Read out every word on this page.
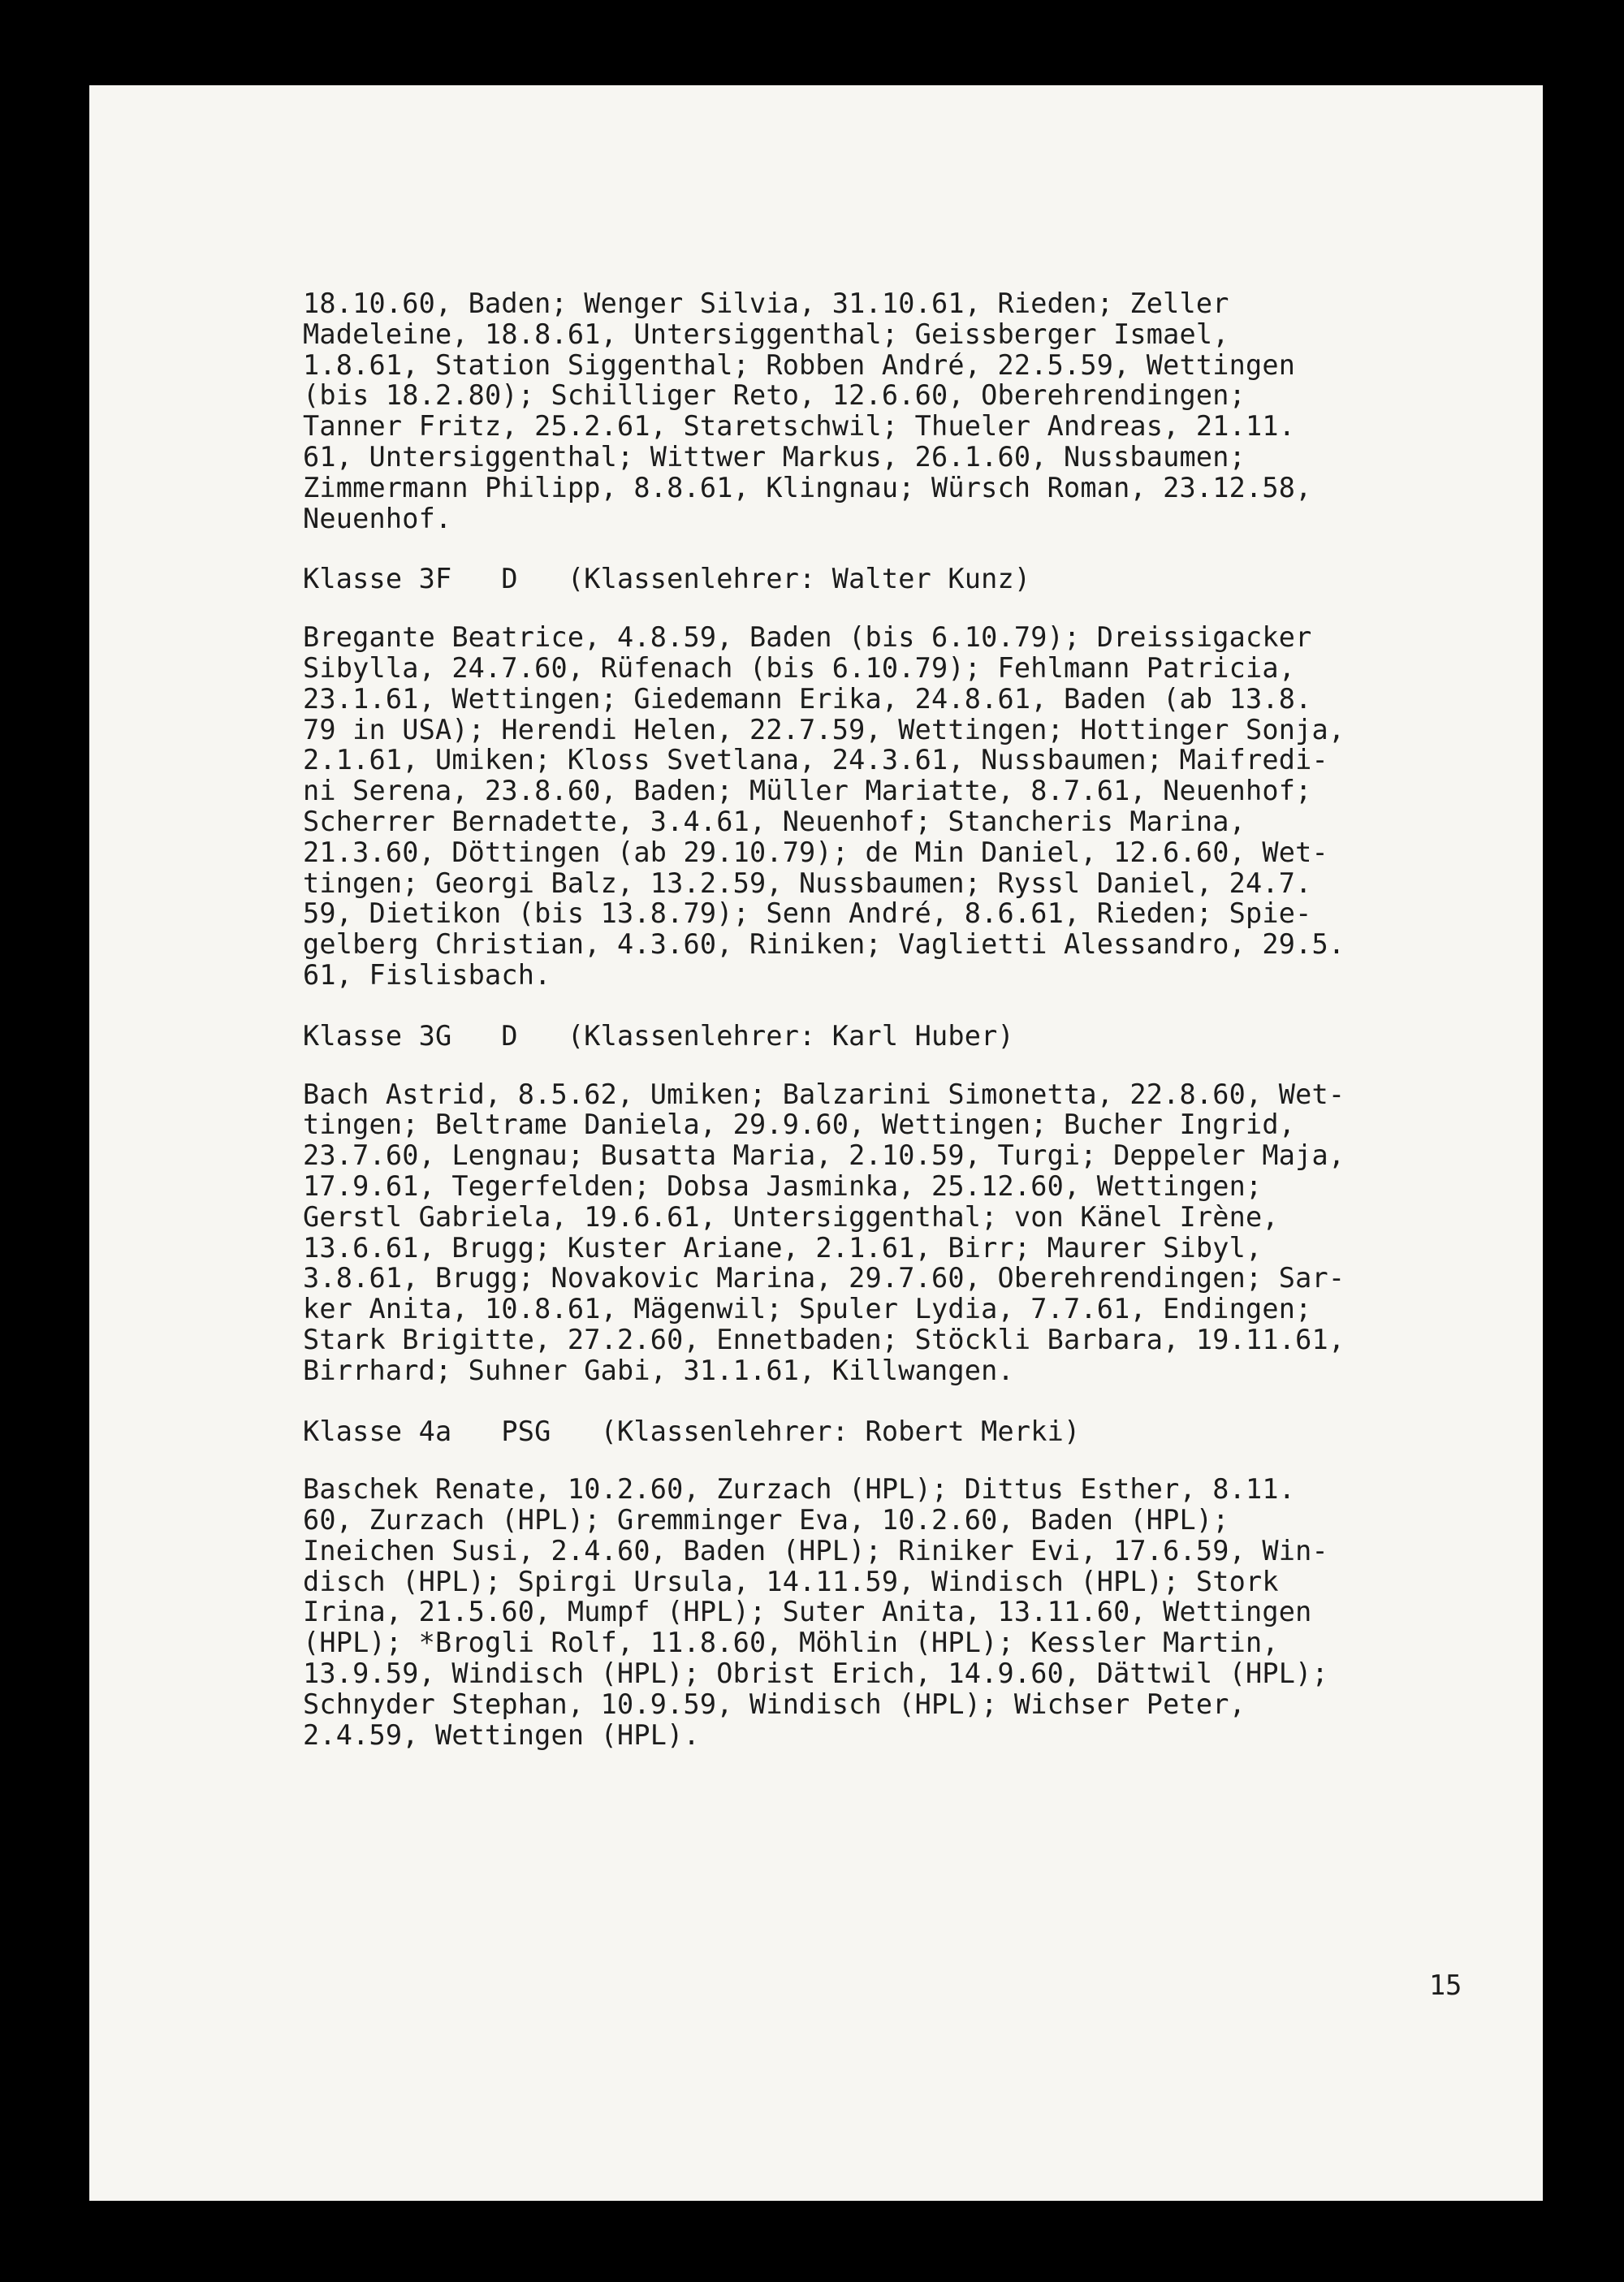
18.10.60, Baden; Wenger Silvia, 31.10.61, Rieden; Zeller
Madeleine, 18.8.61, Untersiggenthal; Geissberger Ismael,
1.8.61, Station Siggenthal; Robben André, 22.5.59, Wettingen
(bis 18.2.80); Schilliger Reto, 12.6.60, Oberehrendingen;
Tanner Fritz, 25.2.61, Staretschwil; Thueler Andreas, 21.11.
61, Untersiggenthal; Wittwer Markus, 26.1.60, Nussbaumen;
Zimmermann Philipp, 8.8.61, Klingnau; Würsch Roman, 23.12.58,
Neuenhof.
Klasse 3F   D   (Klassenlehrer: Walter Kunz)
Bregante Beatrice, 4.8.59, Baden (bis 6.10.79); Dreissigacker
Sibylla, 24.7.60, Rüfenach (bis 6.10.79); Fehlmann Patricia,
23.1.61, Wettingen; Giedemann Erika, 24.8.61, Baden (ab 13.8.
79 in USA); Herendi Helen, 22.7.59, Wettingen; Hottinger Sonja,
2.1.61, Umiken; Kloss Svetlana, 24.3.61, Nussbaumen; Maifredi-
ni Serena, 23.8.60, Baden; Müller Mariatte, 8.7.61, Neuenhof;
Scherrer Bernadette, 3.4.61, Neuenhof; Stancheris Marina,
21.3.60, Döttingen (ab 29.10.79); de Min Daniel, 12.6.60, Wet-
tingen; Georgi Balz, 13.2.59, Nussbaumen; Ryssl Daniel, 24.7.
59, Dietikon (bis 13.8.79); Senn André, 8.6.61, Rieden; Spie-
gelberg Christian, 4.3.60, Riniken; Vaglietti Alessandro, 29.5.
61, Fislisbach.
Klasse 3G   D   (Klassenlehrer: Karl Huber)
Bach Astrid, 8.5.62, Umiken; Balzarini Simonetta, 22.8.60, Wet-
tingen; Beltrame Daniela, 29.9.60, Wettingen; Bucher Ingrid,
23.7.60, Lengnau; Busatta Maria, 2.10.59, Turgi; Deppeler Maja,
17.9.61, Tegerfelden; Dobsa Jasminka, 25.12.60, Wettingen;
Gerstl Gabriela, 19.6.61, Untersiggenthal; von Känel Irène,
13.6.61, Brugg; Kuster Ariane, 2.1.61, Birr; Maurer Sibyl,
3.8.61, Brugg; Novakovic Marina, 29.7.60, Oberehrendingen; Sar-
ker Anita, 10.8.61, Mägenwil; Spuler Lydia, 7.7.61, Endingen;
Stark Brigitte, 27.2.60, Ennetbaden; Stöckli Barbara, 19.11.61,
Birrhard; Suhner Gabi, 31.1.61, Killwangen.
Klasse 4a   PSG   (Klassenlehrer: Robert Merki)
Baschek Renate, 10.2.60, Zurzach (HPL); Dittus Esther, 8.11.
60, Zurzach (HPL); Gremminger Eva, 10.2.60, Baden (HPL);
Ineichen Susi, 2.4.60, Baden (HPL); Riniker Evi, 17.6.59, Win-
disch (HPL); Spirgi Ursula, 14.11.59, Windisch (HPL); Stork
Irina, 21.5.60, Mumpf (HPL); Suter Anita, 13.11.60, Wettingen
(HPL); *Brogli Rolf, 11.8.60, Möhlin (HPL); Kessler Martin,
13.9.59, Windisch (HPL); Obrist Erich, 14.9.60, Dättwil (HPL);
Schnyder Stephan, 10.9.59, Windisch (HPL); Wichser Peter,
2.4.59, Wettingen (HPL).
15
